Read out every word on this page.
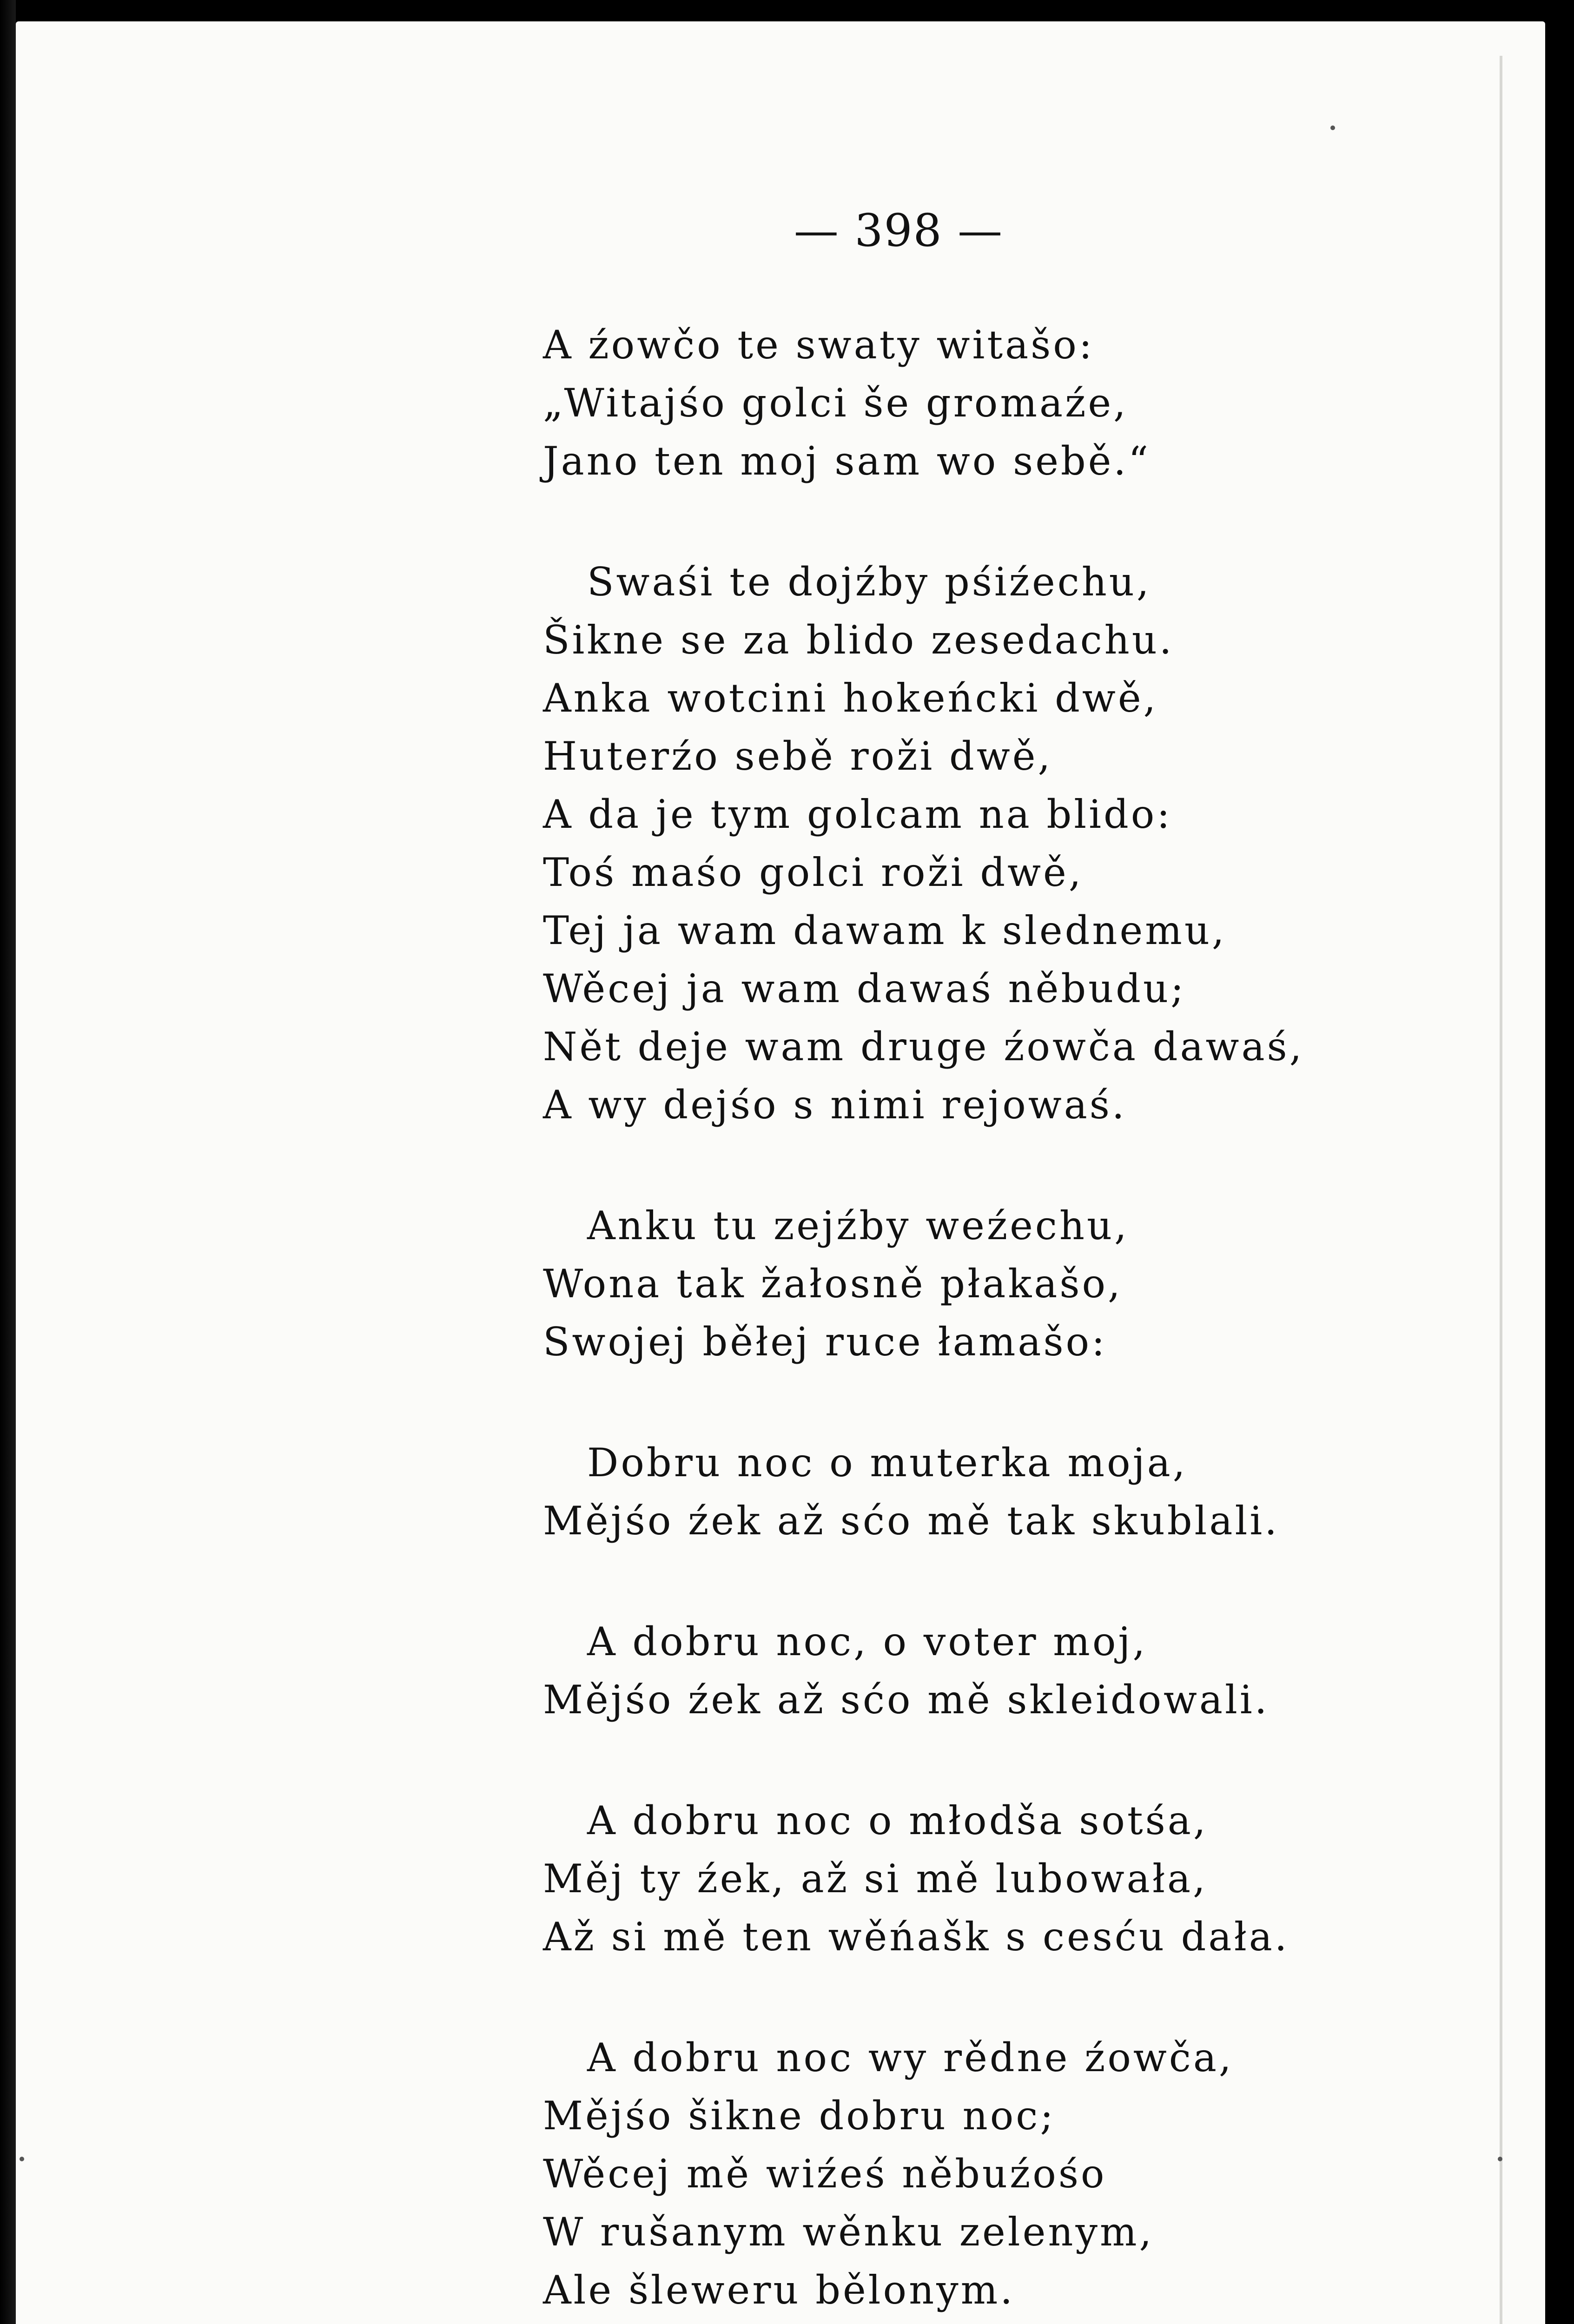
— 398 —
A źowčo te swaty witašo:
„Witajśo golci še gromaźe,
Jano ten moj sam wo sebě.“
Swaśi te dojźby pśiźechu,
Šikne se za blido zesedachu.
Anka wotcini hokeńcki dwě,
Huterźo sebě roži dwě,
A da je tym golcam na blido:
Toś maśo golci roži dwě,
Tej ja wam dawam k slednemu,
Wěcej ja wam dawaś něbudu;
Nět deje wam druge źowča dawaś,
A wy dejśo s nimi rejowaś.
Anku tu zejźby weźechu,
Wona tak žałosně płakašo,
Swojej běłej ruce łamašo:
Dobru noc o muterka moja,
Mějśo źek až sćo mě tak skublali.
A dobru noc, o voter moj,
Mějśo źek až sćo mě skleidowali.
A dobru noc o młodša sotśa,
Měj ty źek, až si mě lubowała,
Až si mě ten wěńašk s cesću dała.
A dobru noc wy rědne źowča,
Mějśo šikne dobru noc;
Wěcej mě wiźeś něbuźośo
W rušanym wěnku zelenym,
Ale šleweru bělonym.
